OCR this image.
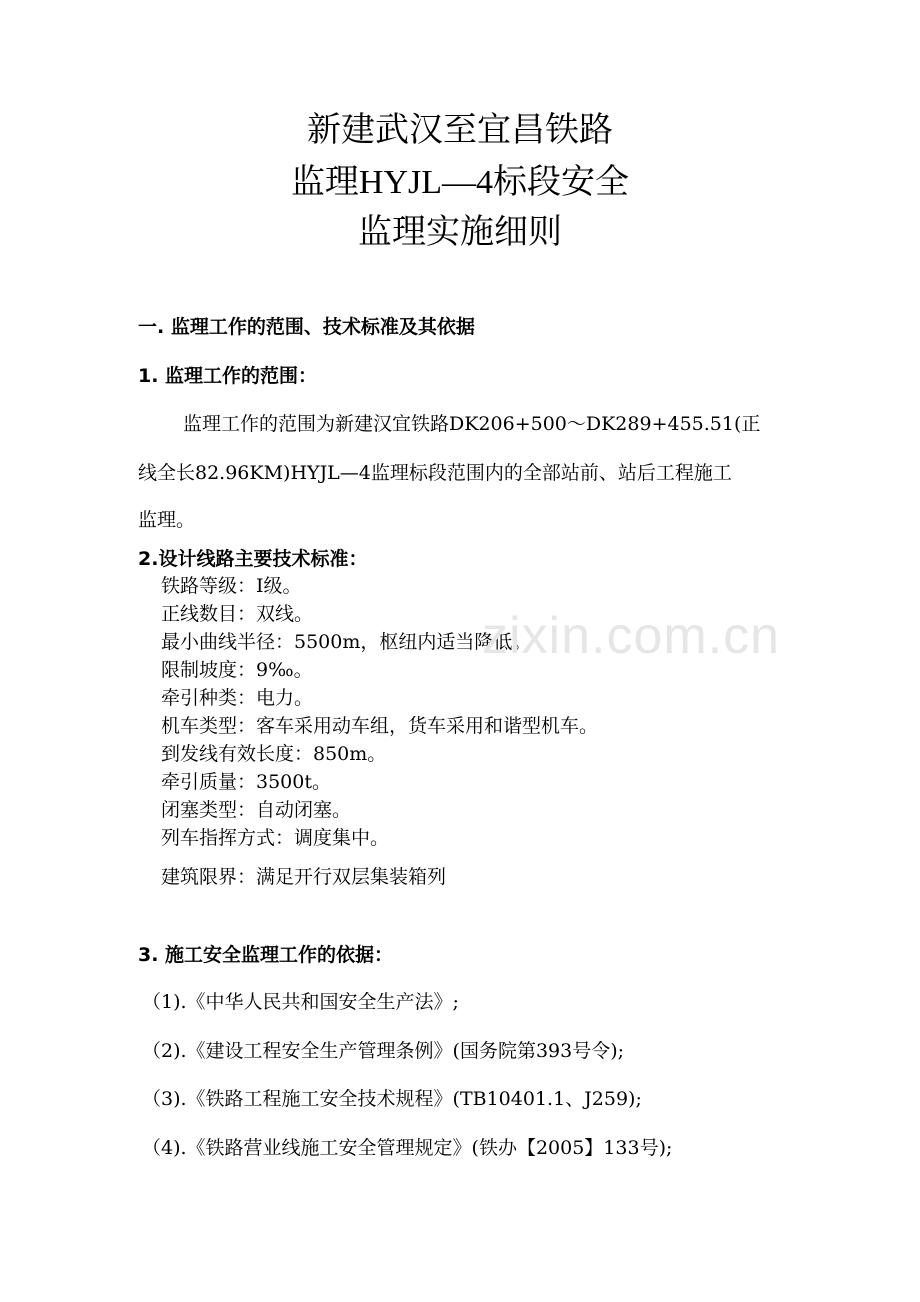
新建武汉至宜昌铁路
监理HYJL—4标段安全
监理实施细则
一. 监理工作的范围、技术标准及其依据
1. 监理工作的范围：
监理工作的范围为新建汉宜铁路DK206+500～DK289+455.51(正
线全长82.96KM)HYJL—4监理标段范围内的全部站前、站后工程施工
监理。
2.设计线路主要技术标准：
铁路等级：Ⅰ级。
正线数目：双线。
最小曲线半径：5500m，枢纽内适当降低。
限制坡度：9‰。
牵引种类：电力。
机车类型：客车采用动车组，货车采用和谐型机车。
到发线有效长度：850m。
牵引质量：3500t。
闭塞类型：自动闭塞。
列车指挥方式：调度集中。
建筑限界：满足开行双层集装箱列
3. 施工安全监理工作的依据：
（1).《中华人民共和国安全生产法》;
（2).《建设工程安全生产管理条例》(国务院第393号令);
（3).《铁路工程施工安全技术规程》(TB10401.1、J259);
（4).《铁路营业线施工安全管理规定》(铁办【2005】133号);
zixin.com.cn
